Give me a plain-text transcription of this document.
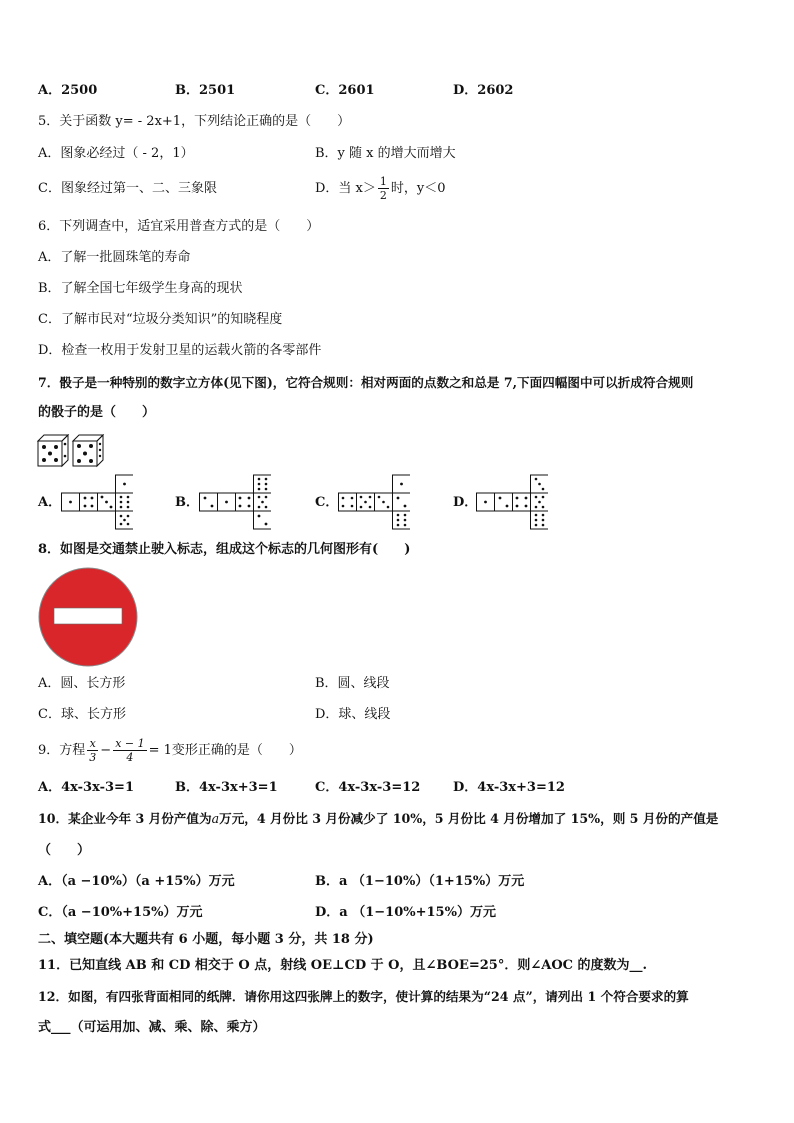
A．2500	B．2501	C．2601	D．2602
5．关于函数 y= - 2x+1，下列结论正确的是（　　）
A．图象必经过（ - 2，1）	B．y 随 x 的增大而增大
C．图象经过第一、二、三象限	D．当 $x> \frac{1}{2}$ 时，y＜0
6．下列调查中，适宜采用普查方式的是（　　）
A．了解一批圆珠笔的寿命
B．了解全国七年级学生身高的现状
C．了解市民对“垃圾分类知识”的知晓程度
D．检查一枚用于发射卫星的运载火箭的各零部件
7．骰子是一种特别的数字立方体(见下图)，它符合规则：相对两面的点数之和总是 7,下面四幅图中可以折成符合规则
的骰子的是（　　）
A．	B．	C．	D．
8．如图是交通禁止驶入标志，组成这个标志的几何图形有(　　)
A．圆、长方形	B．圆、线段
C．球、长方形	D．球、线段
9．方程 $\frac{x}{3} - \frac{x - 1}{4} = 1$变形正确的是（　　）
A．4x-3x-3=1	B．4x-3x+3=1	C．4x-3x-3=12	D．4x-3x+3=12
10．某企业今年 3 月份产值为a万元，4 月份比 3 月份减少了 10%，5 月份比 4 月份增加了 15%，则 5 月份的产值是
（　　）
A．（a −10%）（a +15%）万元	B．a （1−10%）（1+15%）万元
C．（a −10%+15%）万元	D．a （1−10%+15%）万元
二、填空题(本大题共有 6 小题，每小题 3 分，共 18 分)
11．已知直线 AB 和 CD 相交于 O 点，射线 OE⊥CD 于 O，且∠BOE=25°．则∠AOC 的度数为__.
12．如图，有四张背面相同的纸牌．请你用这四张牌上的数字，使计算的结果为“24 点”，请列出 1 个符合要求的算
式___（可运用加、减、乘、除、乘方）
